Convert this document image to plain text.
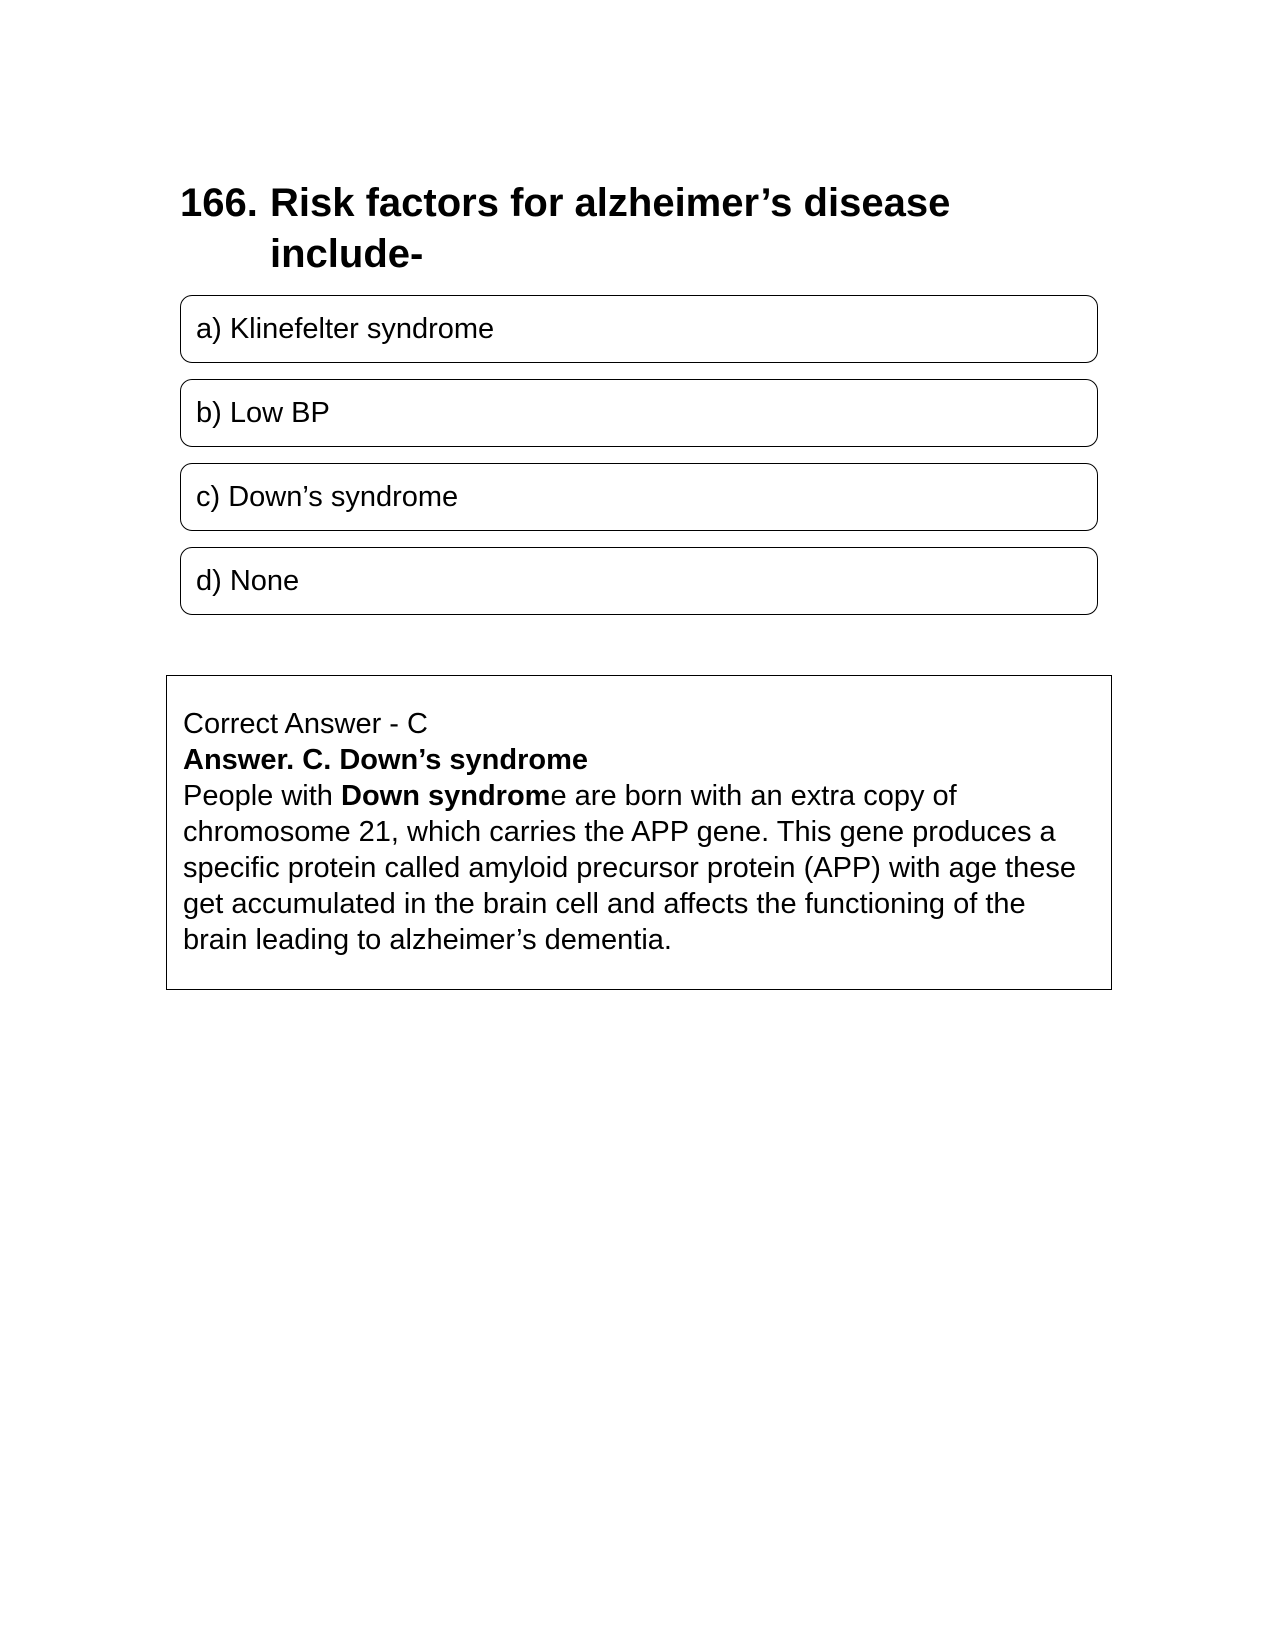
166. Risk factors for alzheimer’s disease include-
a) Klinefelter syndrome
b) Low BP
c) Down’s syndrome
d) None

Correct Answer - C

Answer. C. Down’s syndrome

People with Down syndrome are born with an extra copy of chromosome 21, which carries the APP gene. This gene produces a specific protein called amyloid precursor protein (APP) with age these get accumulated in the brain cell and affects the functioning of the brain leading to alzheimer’s dementia.
